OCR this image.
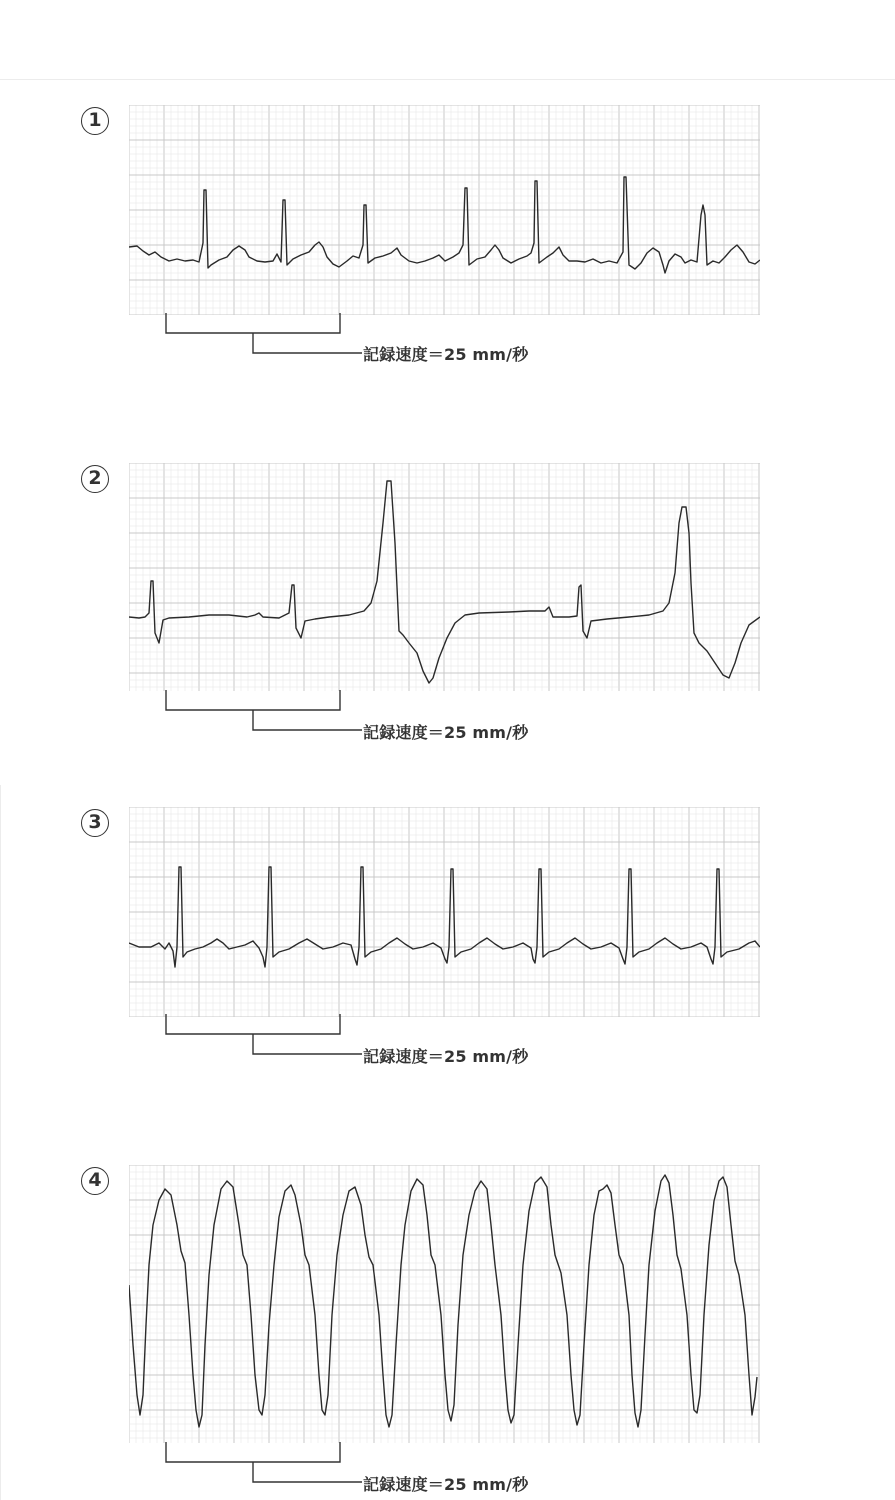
1
記録速度＝25 mm/秒
2
記録速度＝25 mm/秒
3
記録速度＝25 mm/秒
4
記録速度＝25 mm/秒
